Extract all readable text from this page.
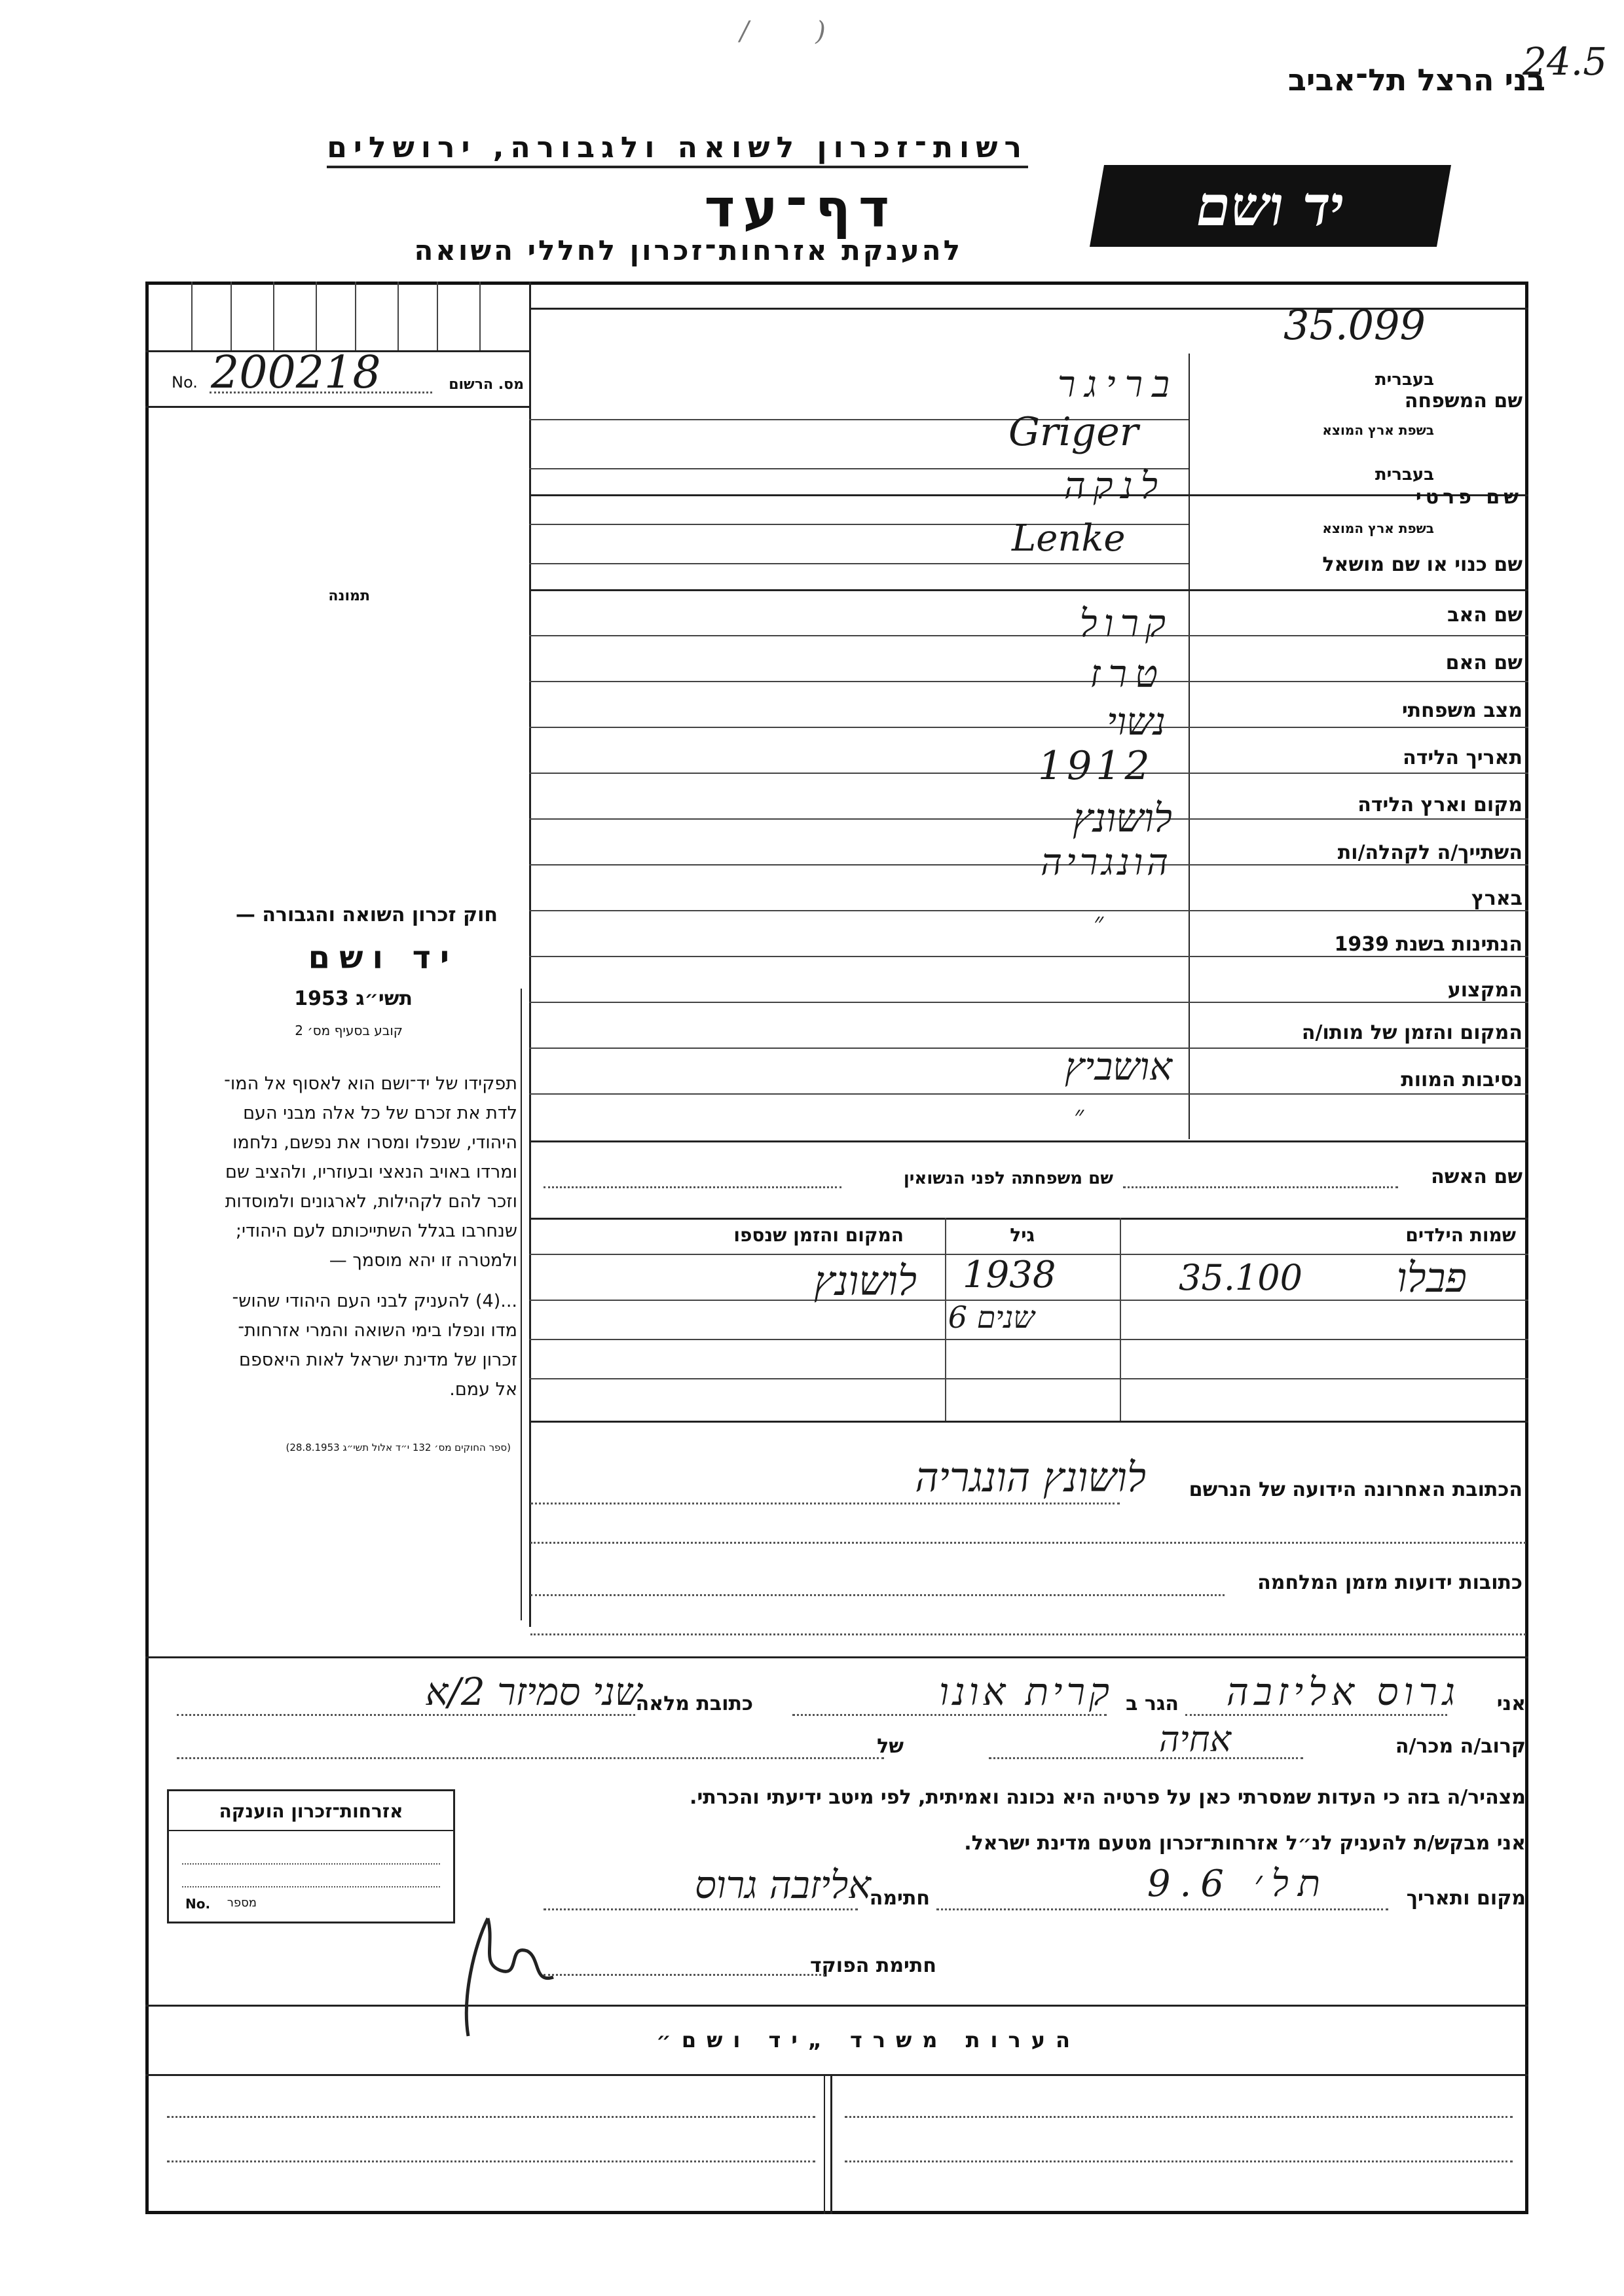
בני הרצל תל־אביב
24.5
/        )
רשות־זכרון לשואה ולגבורה, ירושלים
דף־עד
להענקת אזרחות־זכרון לחללי השואה
יד ושם
35.099
No. 200218	מס. הרשום
תמונה
חוק זכרון השואה והגבורה —
יד ושם
תשי״ג 1953
קובע בסעיף מס׳ 2
תפקידו של יד־ושם הוא לאסוף אל המו־
לדת את זכרם של כל אלה מבני העם
היהודי, שנפלו ומסרו את נפשם, נלחמו
ומרדו באויב הנאצי ובעוזריו, ולהציב שם
וזכר להם לקהילות, לארגונים ולמוסדות
שנחרבו בגלל השתייכותם לעם היהודי;
ולמטרה זו יהא מוסמך —
...(4) להעניק לבני העם היהודי שהוש־
מדו ונפלו בימי השואה והמרי אזרחות־
זכרון של מדינת ישראל לאות היאספם
אל עמם.
(ספר החוקים מס׳ 132 י״ד אלול תשי״ג 28.8.1953)
שם המשפחה
בעברית
בשפת ארץ המוצא
שם פרטי
בעברית
בשפת ארץ המוצא
שם כנוי או שם מושאל
שם האב
שם האם
מצב משפחתי
תאריך הלידה
מקום וארץ הלידה
השתייך/ה לקהלה/ות
בארץ
הנתינות בשנת 1939
המקצוע
המקום והזמן של מותו/ה
נסיבות המוות
בריגר
Griger
לנקה
Lenke
קרול
טרז
נשוי
1912
לושונץ
הונגריה
״
אושביץ
״
שם האשה
שם משפחתה לפני הנשואין
שמות הילדים
גיל
המקום והזמן שנספו
פבלו
35.100
1938
שנים 6
לושונץ
הכתובת האחרונה הידועה של הנרשם
לושונץ הונגריה
כתובות ידועות מזמן המלחמה
אני
גרוס אליזבה
הגר ב
קרית אונו
כתובת מלאה
שני סמיזר 2/א
קרוב/ה מכר/ה
אחיה
של
מצהיר/ה בזה כי העדות שמסרתי כאן על פרטיה היא נכונה ואמיתית, לפי מיטב ידיעתי והכרתי.
אני מבקש/ת להעניק לנ״ל אזרחות־זכרון מטעם מדינת ישראל.
מקום ותאריך
תל׳ 9.6
חתימה
אליזבה גרוס
חתימת הפוקד
אזרחות־זכרון הוענקה
No. מספר
הערות משרד „יד ושם״
